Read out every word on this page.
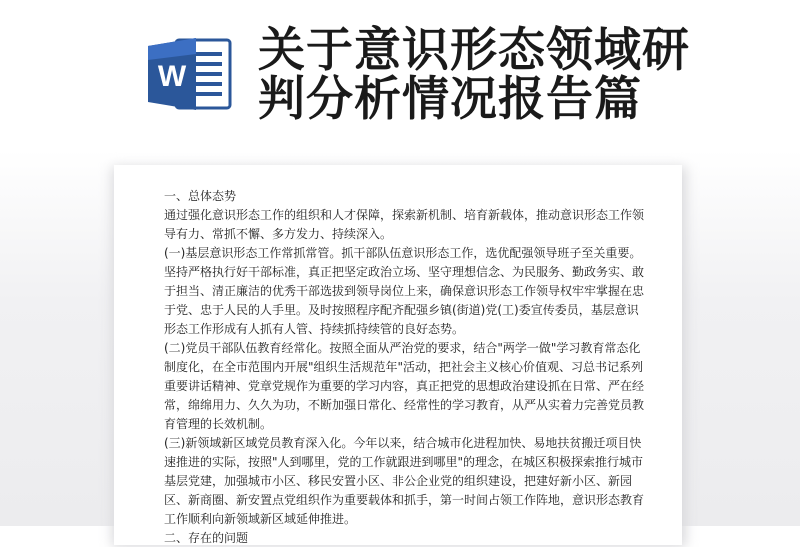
W 关于意识形态领域研
判分析情况报告篇

一、总体态势

通过强化意识形态工作的组织和人才保障，探索新机制、培育新载体，推动意识形态工作领导有力、常抓不懈、多方发力、持续深入。

(一)基层意识形态工作常抓常管。抓干部队伍意识形态工作，选优配强领导班子至关重要。坚持严格执行好干部标准，真正把坚定政治立场、坚守理想信念、为民服务、勤政务实、敢于担当、清正廉洁的优秀干部选拔到领导岗位上来，确保意识形态工作领导权牢牢掌握在忠于党、忠于人民的人手里。及时按照程序配齐配强乡镇(街道)党(工)委宣传委员，基层意识形态工作形成有人抓有人管、持续抓持续管的良好态势。

(二)党员干部队伍教育经常化。按照全面从严治党的要求，结合"两学一做"学习教育常态化制度化，在全市范围内开展"组织生活规范年"活动，把社会主义核心价值观、习总书记系列重要讲话精神、党章党规作为重要的学习内容，真正把党的思想政治建设抓在日常、严在经常，绵绵用力、久久为功，不断加强日常化、经常性的学习教育，从严从实着力完善党员教育管理的长效机制。

(三)新领域新区域党员教育深入化。今年以来，结合城市化进程加快、易地扶贫搬迁项目快速推进的实际，按照"人到哪里，党的工作就跟进到哪里"的理念，在城区积极探索推行城市基层党建，加强城市小区、移民安置小区、非公企业党的组织建设，把建好新小区、新园区、新商圈、新安置点党组织作为重要载体和抓手，第一时间占领工作阵地，意识形态教育工作顺利向新领域新区域延伸推进。

二、存在的问题
